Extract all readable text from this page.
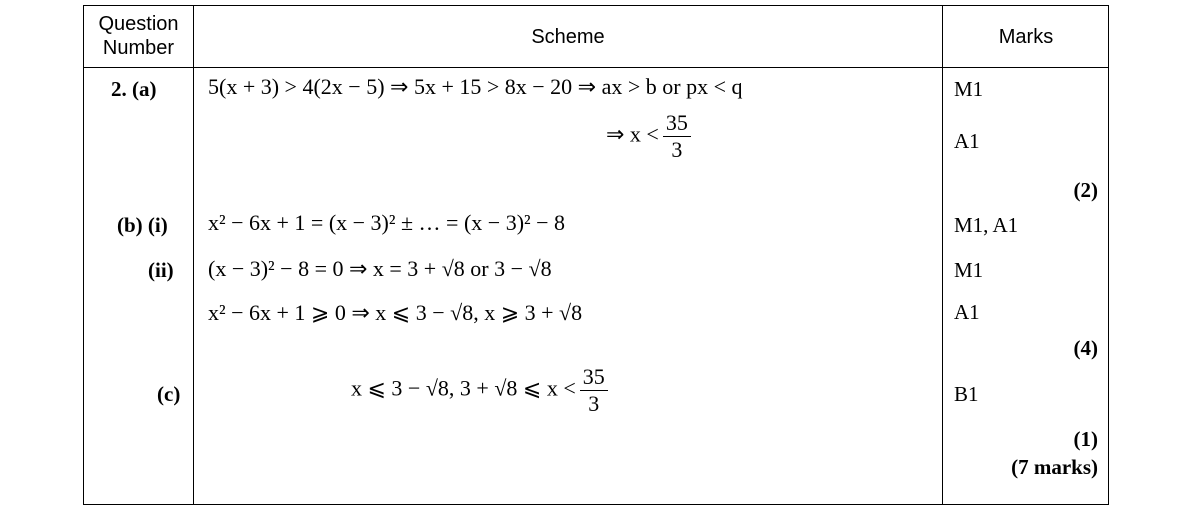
Question Number	Scheme	Marks
2. (a) 5(x + 3) > 4(2x − 5) ⇒ 5x + 15 > 8x − 20 ⇒ ax > b or px < q	M1
⇒ $x < \frac{35}{3}$	A1
(2)
(b) (i) x² − 6x + 1 = (x − 3)² ± … = (x − 3)² − 8	M1, A1
(ii) (x − 3)² − 8 = 0 ⇒ x = 3 + √8 or 3 − √8	M1
x² − 6x + 1 ⩾ 0 ⇒ x ⩽ 3 − √8, x ⩾ 3 + √8	A1
(4)
(c)	x ⩽ 3 − √8, 3 + √8 ⩽ $x < \frac{35}{3}$	B1
(1)
(7 marks)
